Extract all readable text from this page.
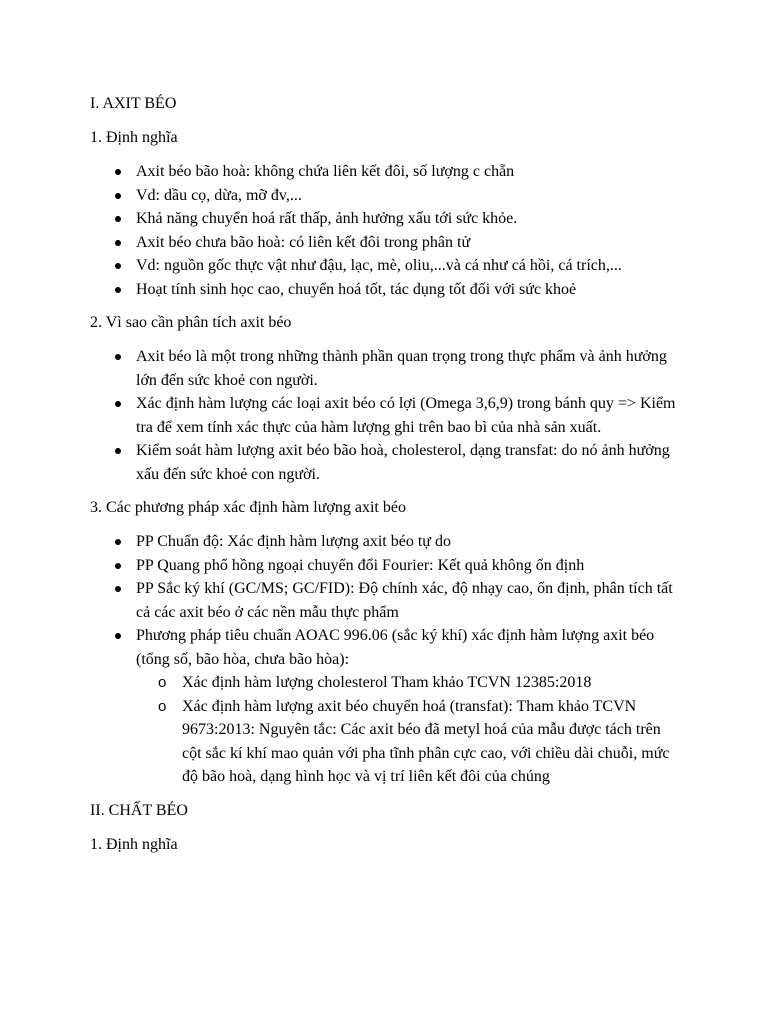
I. AXIT BÉO
1. Định nghĩa
Axit béo bão hoà: không chứa liên kết đôi, số lượng c chẵn
Vd: dầu cọ, dừa, mỡ đv,...
Khả năng chuyển hoá rất thấp, ảnh hưởng xấu tới sức khỏe.
Axit béo chưa bão hoà: có liên kết đôi trong phân tử
Vd: nguồn gốc thực vật như đậu, lạc, mè, oliu,...và cá như cá hồi, cá trích,...
Hoạt tính sinh học cao, chuyển hoá tốt, tác dụng tốt đối với sức khoẻ
2. Vì sao cần phân tích axit béo
Axit béo là một trong những thành phần quan trọng trong thực phẩm và ảnh hưởng lớn đến sức khoẻ con người.
Xác định hàm lượng các loại axit béo có lợi (Omega 3,6,9) trong bánh quy => Kiểm tra để xem tính xác thực của hàm lượng ghi trên bao bì của nhà sản xuất.
Kiểm soát hàm lượng axit béo bão hoà, cholesterol, dạng transfat: do nó ảnh hưởng xấu đến sức khoẻ con người.
3. Các phương pháp xác định hàm lượng axit béo
PP Chuẩn độ: Xác định hàm lượng axit béo tự do
PP Quang phổ hồng ngoại chuyển đổi Fourier: Kết quả không ổn định
PP Sắc ký khí (GC/MS; GC/FID): Độ chính xác, độ nhạy cao, ổn định, phân tích tất cả các axit béo ở các nền mẫu thực phẩm
Phương pháp tiêu chuẩn AOAC 996.06 (sắc ký khí) xác định hàm lượng axit béo (tổng số, bão hòa, chưa bão hòa):
o Xác định hàm lượng cholesterol Tham khảo TCVN 12385:2018
o Xác định hàm lượng axit béo chuyển hoá (transfat): Tham khảo TCVN 9673:2013: Nguyên tắc: Các axit béo đã metyl hoá của mẫu được tách trên cột sắc kí khí mao quản với pha tĩnh phân cực cao, với chiều dài chuỗi, mức độ bão hoà, dạng hình học và vị trí liên kết đôi của chúng
II. CHẤT BÉO
1. Định nghĩa
